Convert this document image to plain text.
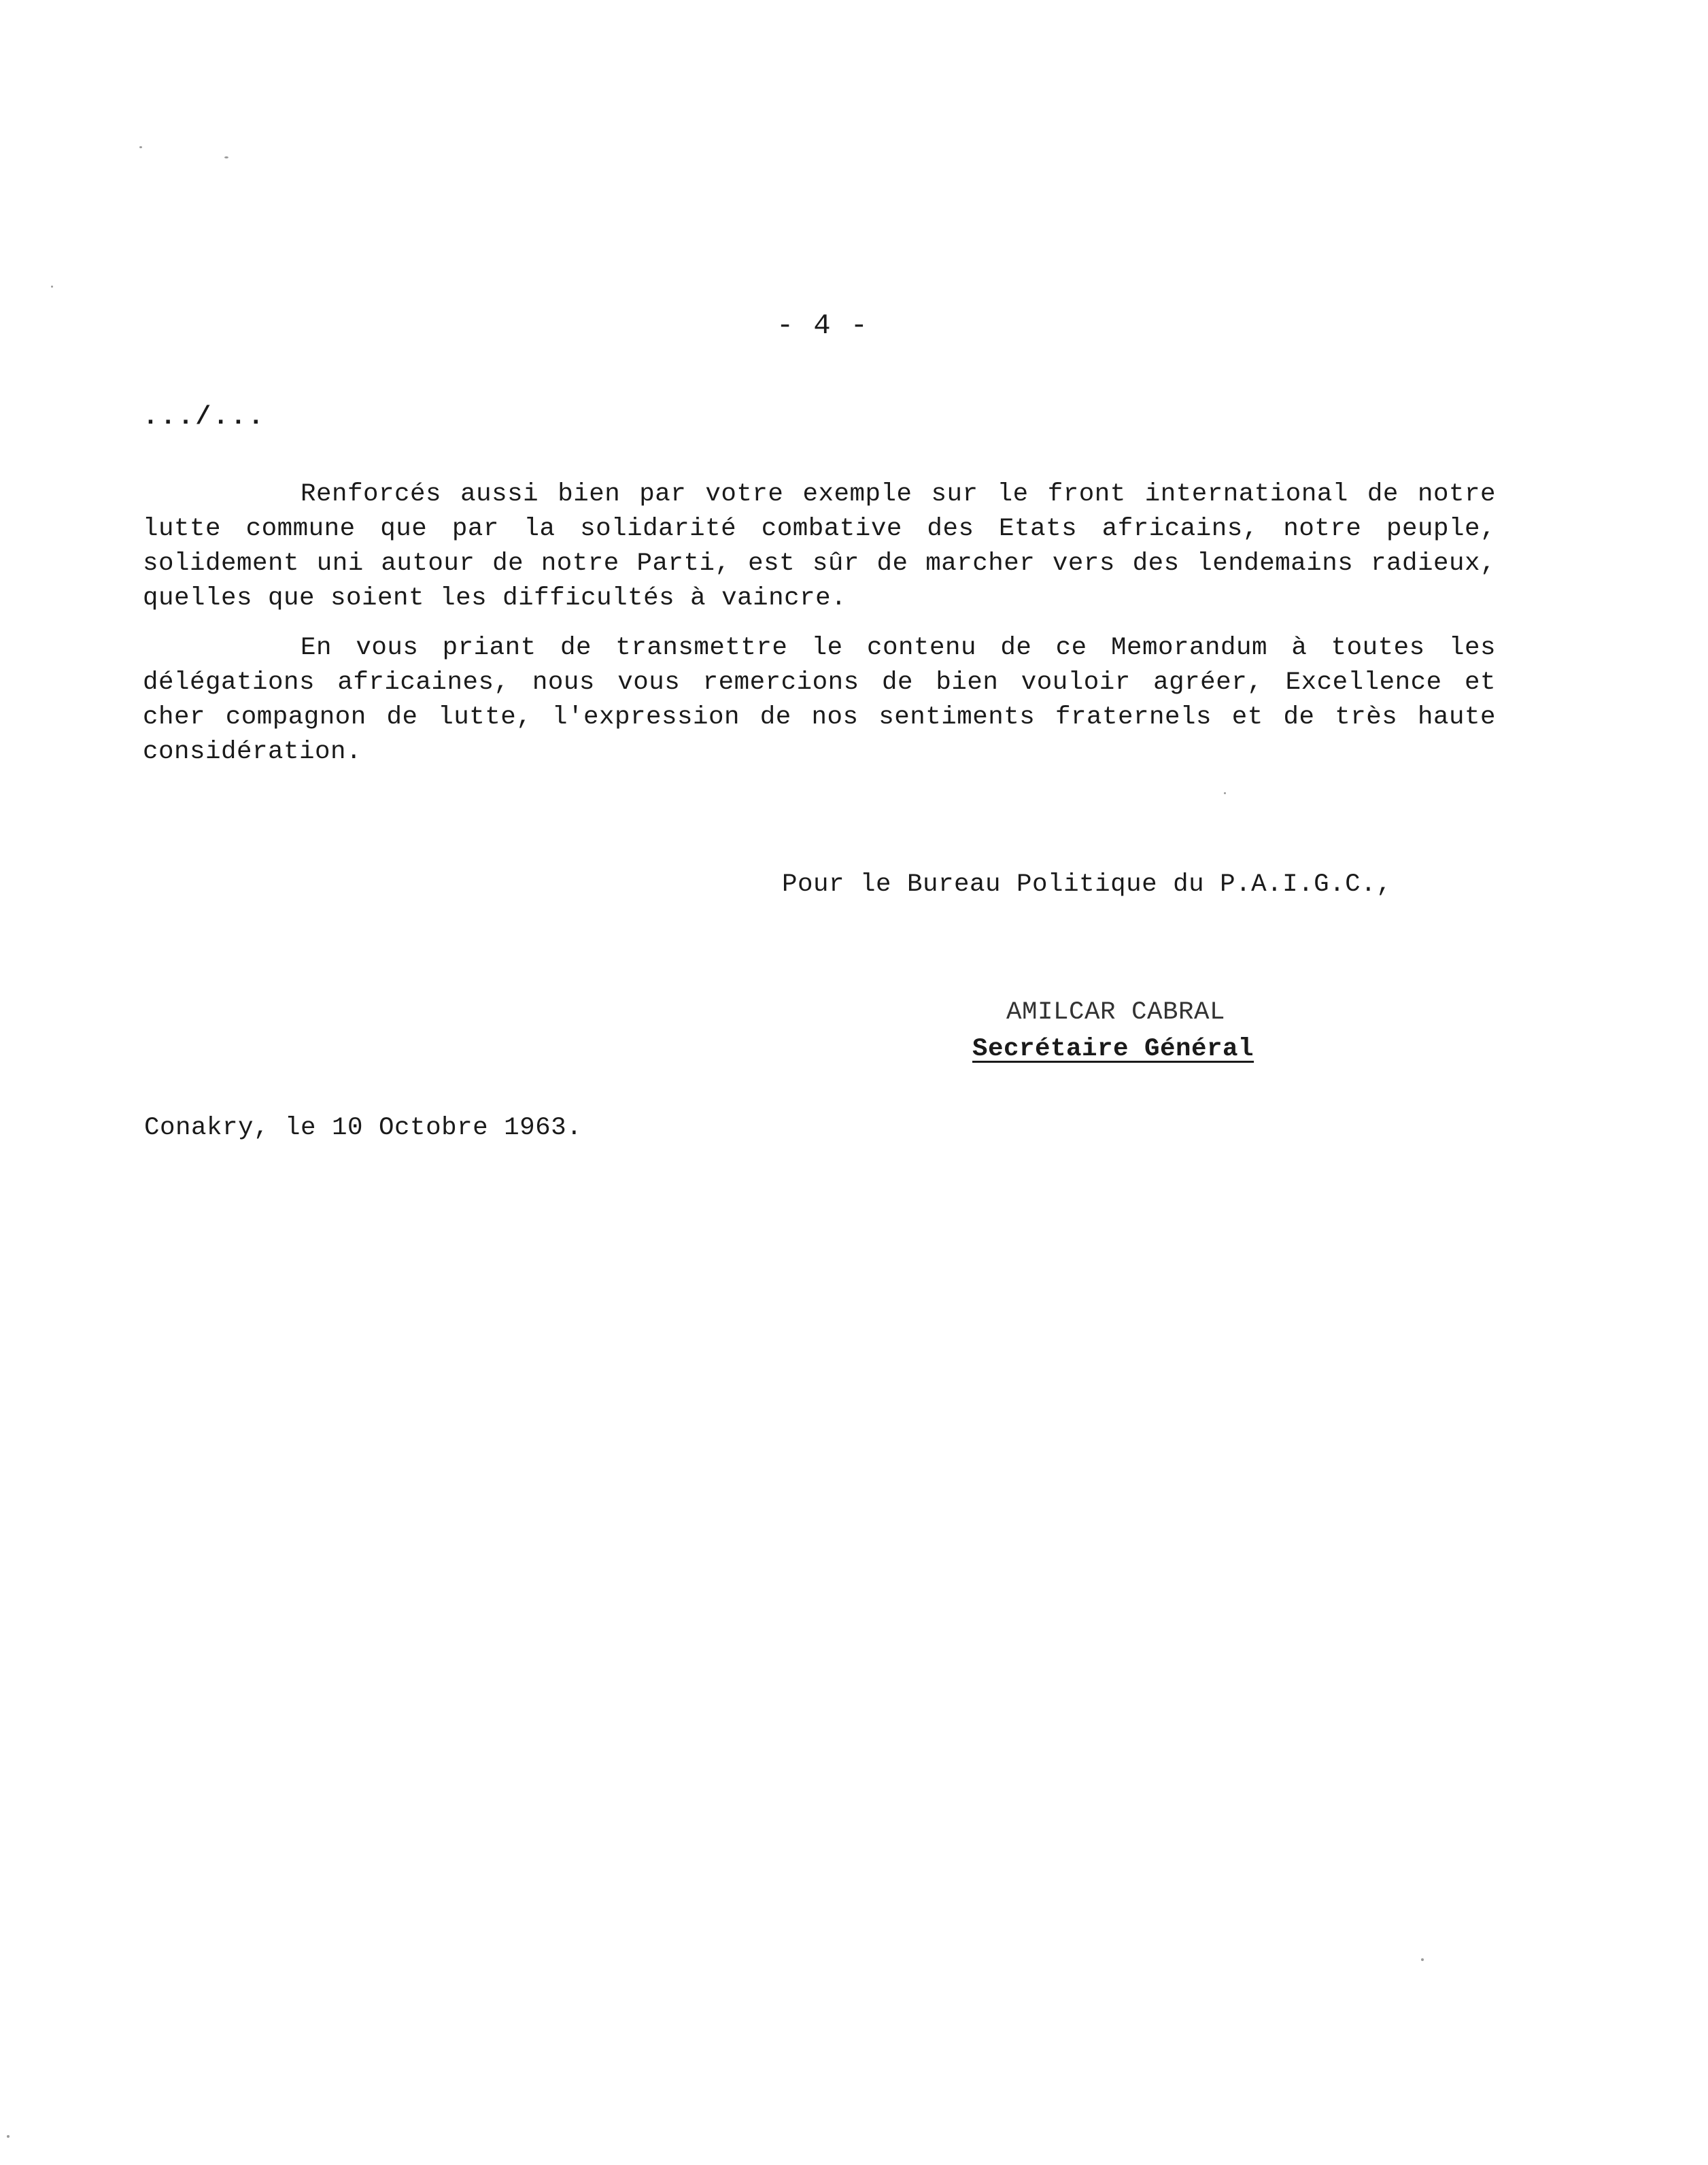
- 4 -
.../...

Renforcés aussi bien par votre exemple sur le front international de notre lutte commune que par la solidarité combative des Etats africains, notre peuple, solidement uni autour de notre Parti, est sûr de marcher vers des lendemains radieux, quelles que soient les difficultés à vaincre.

En vous priant de transmettre le contenu de ce Memorandum à toutes les délégations africaines, nous vous remercions de bien vouloir agréer, Excellence et cher compagnon de lutte, l'expression de nos sentiments fraternels et de très haute considération.

Pour le Bureau Politique du P.A.I.G.C.,
AMILCAR CABRAL
Secrétaire Général
Conakry, le 10 Octobre 1963.
